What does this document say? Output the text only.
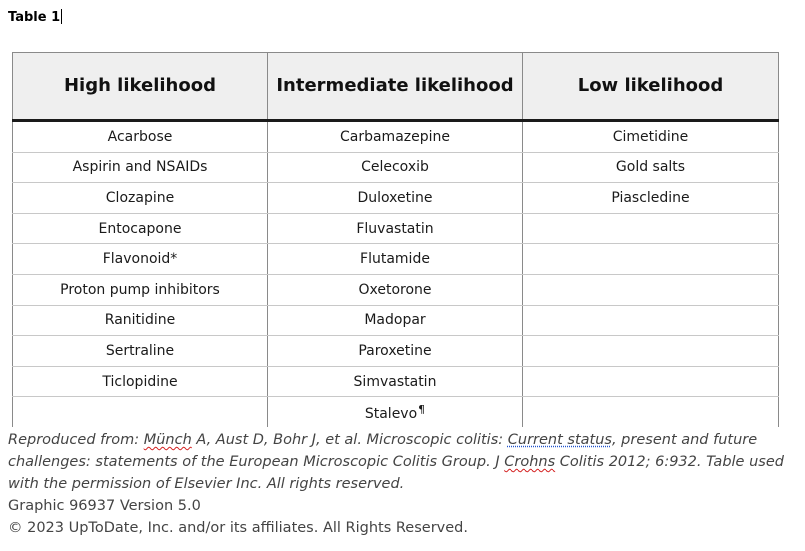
Table 1
High likelihood	Intermediate likelihood	Low likelihood
Acarbose	Carbamazepine	Cimetidine
Aspirin and NSAIDs	Celecoxib	Gold salts
Clozapine	Duloxetine	Piascledine
Entocapone	Fluvastatin	
Flavonoid*	Flutamide	
Proton pump inhibitors	Oxetorone	
Ranitidine	Madopar	
Sertraline	Paroxetine	
Ticlopidine	Simvastatin	
	Stalevo¶	
Reproduced from: Münch A, Aust D, Bohr J, et al. Microscopic colitis: Current status, present and future challenges: statements of the European Microscopic Colitis Group. J Crohns Colitis 2012; 6:932. Table used with the permission of Elsevier Inc. All rights reserved.
Graphic 96937 Version 5.0
© 2023 UpToDate, Inc. and/or its affiliates. All Rights Reserved.
